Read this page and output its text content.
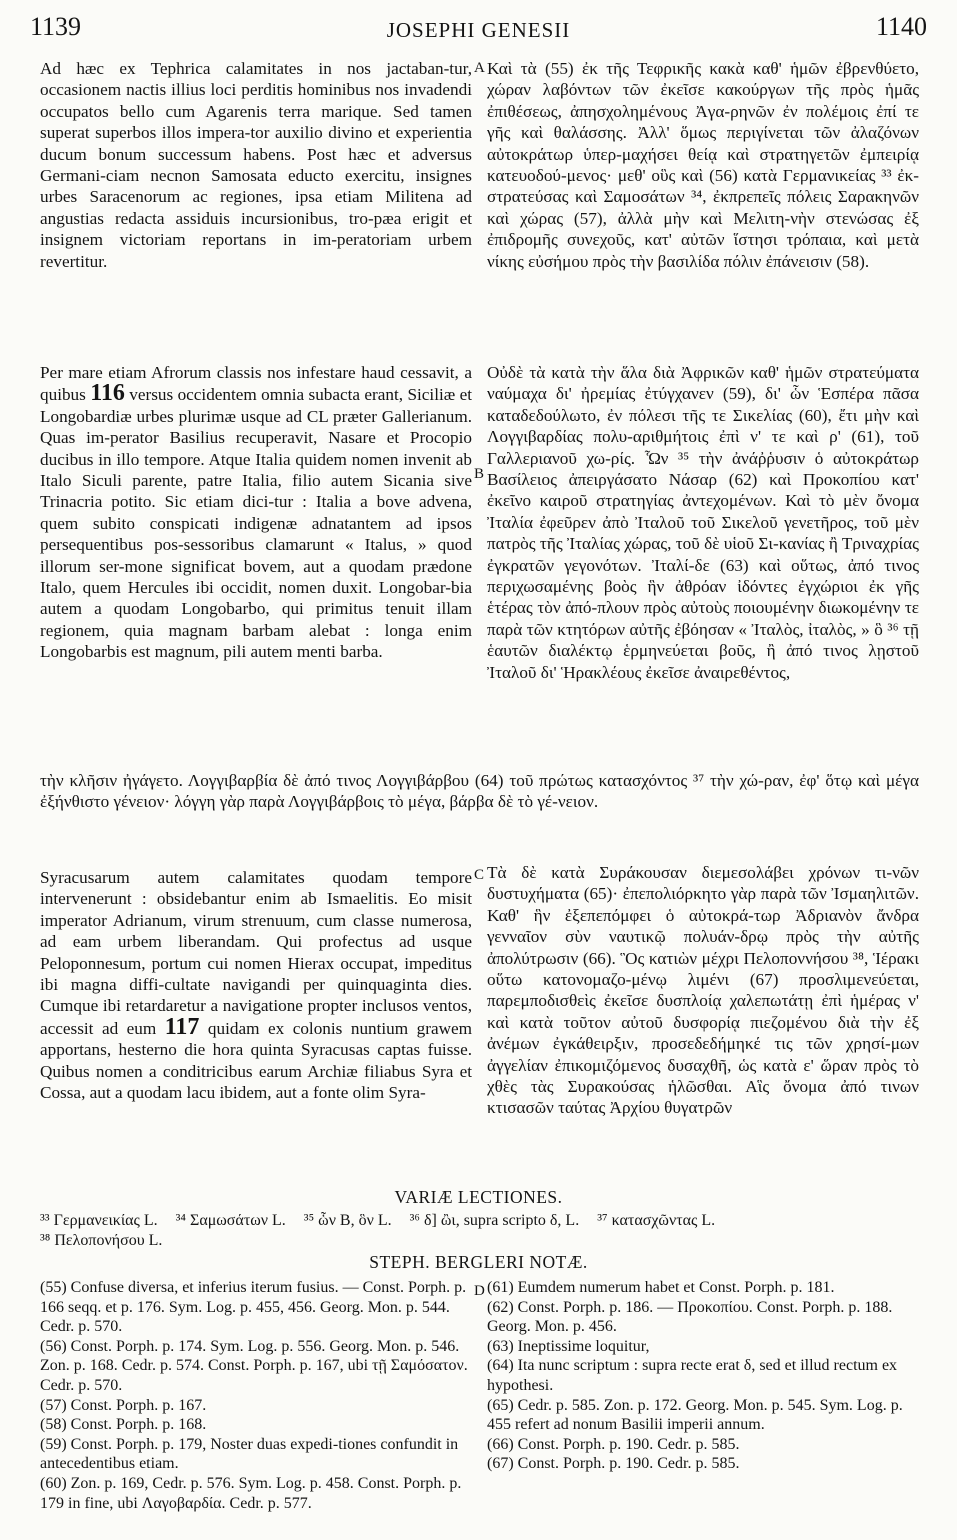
1139	JOSEPHI GENESII	1140
A
B
C
D

Ad hæc ex Tephrica calamitates in nos jactaban-tur, occasionem nactis illius loci perditis hominibus nos invadendi occupatos bello cum Agarenis terra marique. Sed tamen superat superbos illos impera-tor auxilio divino et experientia ducum bonum successum habens. Post hæc et adversus Germani-ciam necnon Samosata educto exercitu, insignes urbes Saracenorum ac regiones, ipsa etiam Militena ad angustias redacta assiduis incursionibus, tro-pæa erigit et insignem victoriam reportans in im-peratoriam urbem revertitur.

Καὶ τὰ (55) ἐκ τῆς Τεφρικῆς κακὰ καθ' ἡμῶν ἐβρενθύετο, χώραν λαβόντων τῶν ἐκεῖσε κακούργων τῆς πρὸς ἡμᾶς ἐπιθέσεως, ἀπησχολημένους Ἀγα-ρηνῶν ἐν πολέμοις ἐπί τε γῆς καὶ θαλάσσης. Ἀλλ' ὅμως περιγίνεται τῶν ἀλαζόνων αὐτοκράτωρ ὑπερ-μαχήσει θείᾳ καὶ στρατηγετῶν ἐμπειρίᾳ κατευοδού-μενος· μεθ' οὓς καὶ (56) κατὰ Γερμανικείας ³³ ἐκ-στρατεύσας καὶ Σαμοσάτων ³⁴, ἐκπρεπεῖς πόλεις Σαρακηνῶν καὶ χώρας (57), ἀλλὰ μὴν καὶ Μελιτη-νὴν στενώσας ἐξ ἐπιδρομῆς συνεχοῦς, κατ' αὐτῶν ἵστησι τρόπαια, καὶ μετὰ νίκης εὐσήμου πρὸς τὴν βασιλίδα πόλιν ἐπάνεισιν (58).

Per mare etiam Afrorum classis nos infestare haud cessavit, a quibus 116 versus occidentem omnia subacta erant, Siciliæ et Longobardiæ urbes plurimæ usque ad CL præter Gallerianum. Quas im-perator Basilius recuperavit, Nasare et Procopio ducibus in illo tempore. Atque Italia quidem nomen invenit ab Italo Siculi parente, patre Italia, filio autem Sicania sive Trinacria potito. Sic etiam dici-tur : Italia a bove advena, quem subito conspicati indigenæ adnatantem ad ipsos persequentibus pos-sessoribus clamarunt « Italus, » quod illorum ser-mone significat bovem, aut a quodam prædone Italo, quem Hercules ibi occidit, nomen duxit. Longobar-bia autem a quodam Longobarbo, qui primitus tenuit illam regionem, quia magnam barbam alebat : longa enim Longobarbis est magnum, pili autem menti barba.

Οὐδὲ τὰ κατὰ τὴν ἅλα διὰ Ἀφρικῶν καθ' ἡμῶν στρατεύματα ναύμαχα δι' ἠρεμίας ἐτύγχανεν (59), δι' ὧν Ἑσπέρα πᾶσα καταδεδούλωτο, ἐν πόλεσι τῆς τε Σικελίας (60), ἔτι μὴν καὶ Λογγιβαρδίας πολυ-αριθμήτοις ἐπὶ ν' τε καὶ ρ' (61), τοῦ Γαλλεριανοῦ χω-ρίς. Ὧν ³⁵ τὴν ἀνάῤῥυσιν ὁ αὐτοκράτωρ Βασίλειος ἀπειργάσατο Νάσαρ (62) καὶ Προκοπίου κατ' ἐκεῖνο καιροῦ στρατηγίας ἀντεχομένων. Καὶ τὸ μὲν ὄνομα Ἰταλία ἐφεῦρεν ἀπὸ Ἰταλοῦ τοῦ Σικελοῦ γενετῆρος, τοῦ μὲν πατρὸς τῆς Ἰταλίας χώρας, τοῦ δὲ υἱοῦ Σι-κανίας ἢ Τριναχρίας ἐγκρατῶν γεγονότων. Ἰταλί-δε (63) καὶ οὕτως, ἀπό τινος περιχωσαμένης βοὸς ἣν ἀθρόαν ἰδόντες ἐγχώριοι ἐκ γῆς ἑτέρας τὸν ἀπό-πλουν πρὸς αὐτοὺς ποιουμένην διωκομένην τε παρὰ τῶν κτητόρων αὐτῆς ἐβόησαν « Ἰταλὸς, ἰταλὸς, » ὃ ³⁶ τῇ ἑαυτῶν διαλέκτῳ ἑρμηνεύεται βοῦς, ἢ ἀπό τινος λῃστοῦ Ἰταλοῦ δι' Ἡρακλέους ἐκεῖσε ἀναιρεθέντος,

τὴν κλῆσιν ἠγάγετο. Λογγιβαρβία δὲ ἀπό τινος Λογγιβάρβου (64) τοῦ πρώτως κατασχόντος ³⁷ τὴν χώ-ραν, ἐφ' ὅτῳ καὶ μέγα ἐξήνθιστο γένειον· λόγγη γὰρ παρὰ Λογγιβάρβοις τὸ μέγα, βάρβα δὲ τὸ γέ-νειον.

Syracusarum autem calamitates quodam tempore intervenerunt : obsidebantur enim ab Ismaelitis. Eo misit imperator Adrianum, virum strenuum, cum classe numerosa, ad eam urbem liberandam. Qui profectus ad usque Peloponnesum, portum cui nomen Hierax occupat, impeditus ibi magna diffi-cultate navigandi per quinquaginta dies. Cumque ibi retardaretur a navigatione propter inclusos ventos, accessit ad eum 117 quidam ex colonis nuntium grawem apportans, hesterno die hora quinta Syracusas captas fuisse. Quibus nomen a conditricibus earum Archiæ filiabus Syra et Cossa, aut a quodam lacu ibidem, aut a fonte olim Syra-

Τὰ δὲ κατὰ Συράκουσαν διεμεσολάβει χρόνων τι-νῶν δυστυχήματα (65)· ἐπεπολιόρκητο γὰρ παρὰ τῶν Ἰσμαηλιτῶν. Καθ' ἣν ἐξεπεπόμφει ὁ αὐτοκρά-τωρ Ἀδριανὸν ἄνδρα γενναῖον σὺν ναυτικῷ πολυάν-δρῳ πρὸς τὴν αὐτῆς ἀπολύτρωσιν (66). Ὃς κατιὼν μέχρι Πελοποννήσου ³⁸, Ἱέρακι οὕτω κατονομαζο-μένῳ λιμένι (67) προσλιμενεύεται, παρεμποδισθεὶς ἐκεῖσε δυσπλοίᾳ χαλεπωτάτῃ ἐπὶ ἡμέρας ν' καὶ κατὰ τοῦτον αὐτοῦ δυσφορίᾳ πιεζομένου διὰ τὴν ἐξ ἀνέμων ἐγκάθειρξιν, προσεδεδήμηκέ τις τῶν χρησί-μων ἀγγελίαν ἐπικομιζόμενος δυσαχθῆ, ὡς κατὰ ε' ὥραν πρὸς τὸ χθὲς τὰς Συρακούσας ἡλῶσθαι. Αἳς ὄνομα ἀπό τινων κτισασῶν ταύτας Ἀρχίου θυγατρῶν

VARIÆ LECTIONES.
³³ Γερμανεικίας L. ³⁴ Σαμωσάτων L. ³⁵ ὧν B, ὃν L. ³⁶ δ] ὢι, supra scripto δ, L. ³⁷ κατασχῶντας L.
³⁸ Πελοπονήσου L.
STEPH. BERGLERI NOTÆ.

(55) Confuse diversa, et inferius iterum fusius. — Const. Porph. p. 166 seqq. et p. 176. Sym. Log. p. 455, 456. Georg. Mon. p. 544. Cedr. p. 570.

(56) Const. Porph. p. 174. Sym. Log. p. 556. Georg. Mon. p. 546. Zon. p. 168. Cedr. p. 574. Const. Porph. p. 167, ubi τῇ Σαμόσατον. Cedr. p. 570.

(57) Const. Porph. p. 167.

(58) Const. Porph. p. 168.

(59) Const. Porph. p. 179, Noster duas expedi-tiones confundit in antecedentibus etiam.

(60) Zon. p. 169, Cedr. p. 576. Sym. Log. p. 458. Const. Porph. p. 179 in fine, ubi Λαγοβαρδία. Cedr. p. 577.

(61) Eumdem numerum habet et Const. Porph. p. 181.

(62) Const. Porph. p. 186. — Προκοπίου. Const. Porph. p. 188. Georg. Mon. p. 456.

(63) Ineptissime loquitur,

(64) Ita nunc scriptum : supra recte erat δ, sed et illud rectum ex hypothesi.

(65) Cedr. p. 585. Zon. p. 172. Georg. Mon. p. 545. Sym. Log. p. 455 refert ad nonum Basilii imperii annum.

(66) Const. Porph. p. 190. Cedr. p. 585.

(67) Const. Porph. p. 190. Cedr. p. 585.
